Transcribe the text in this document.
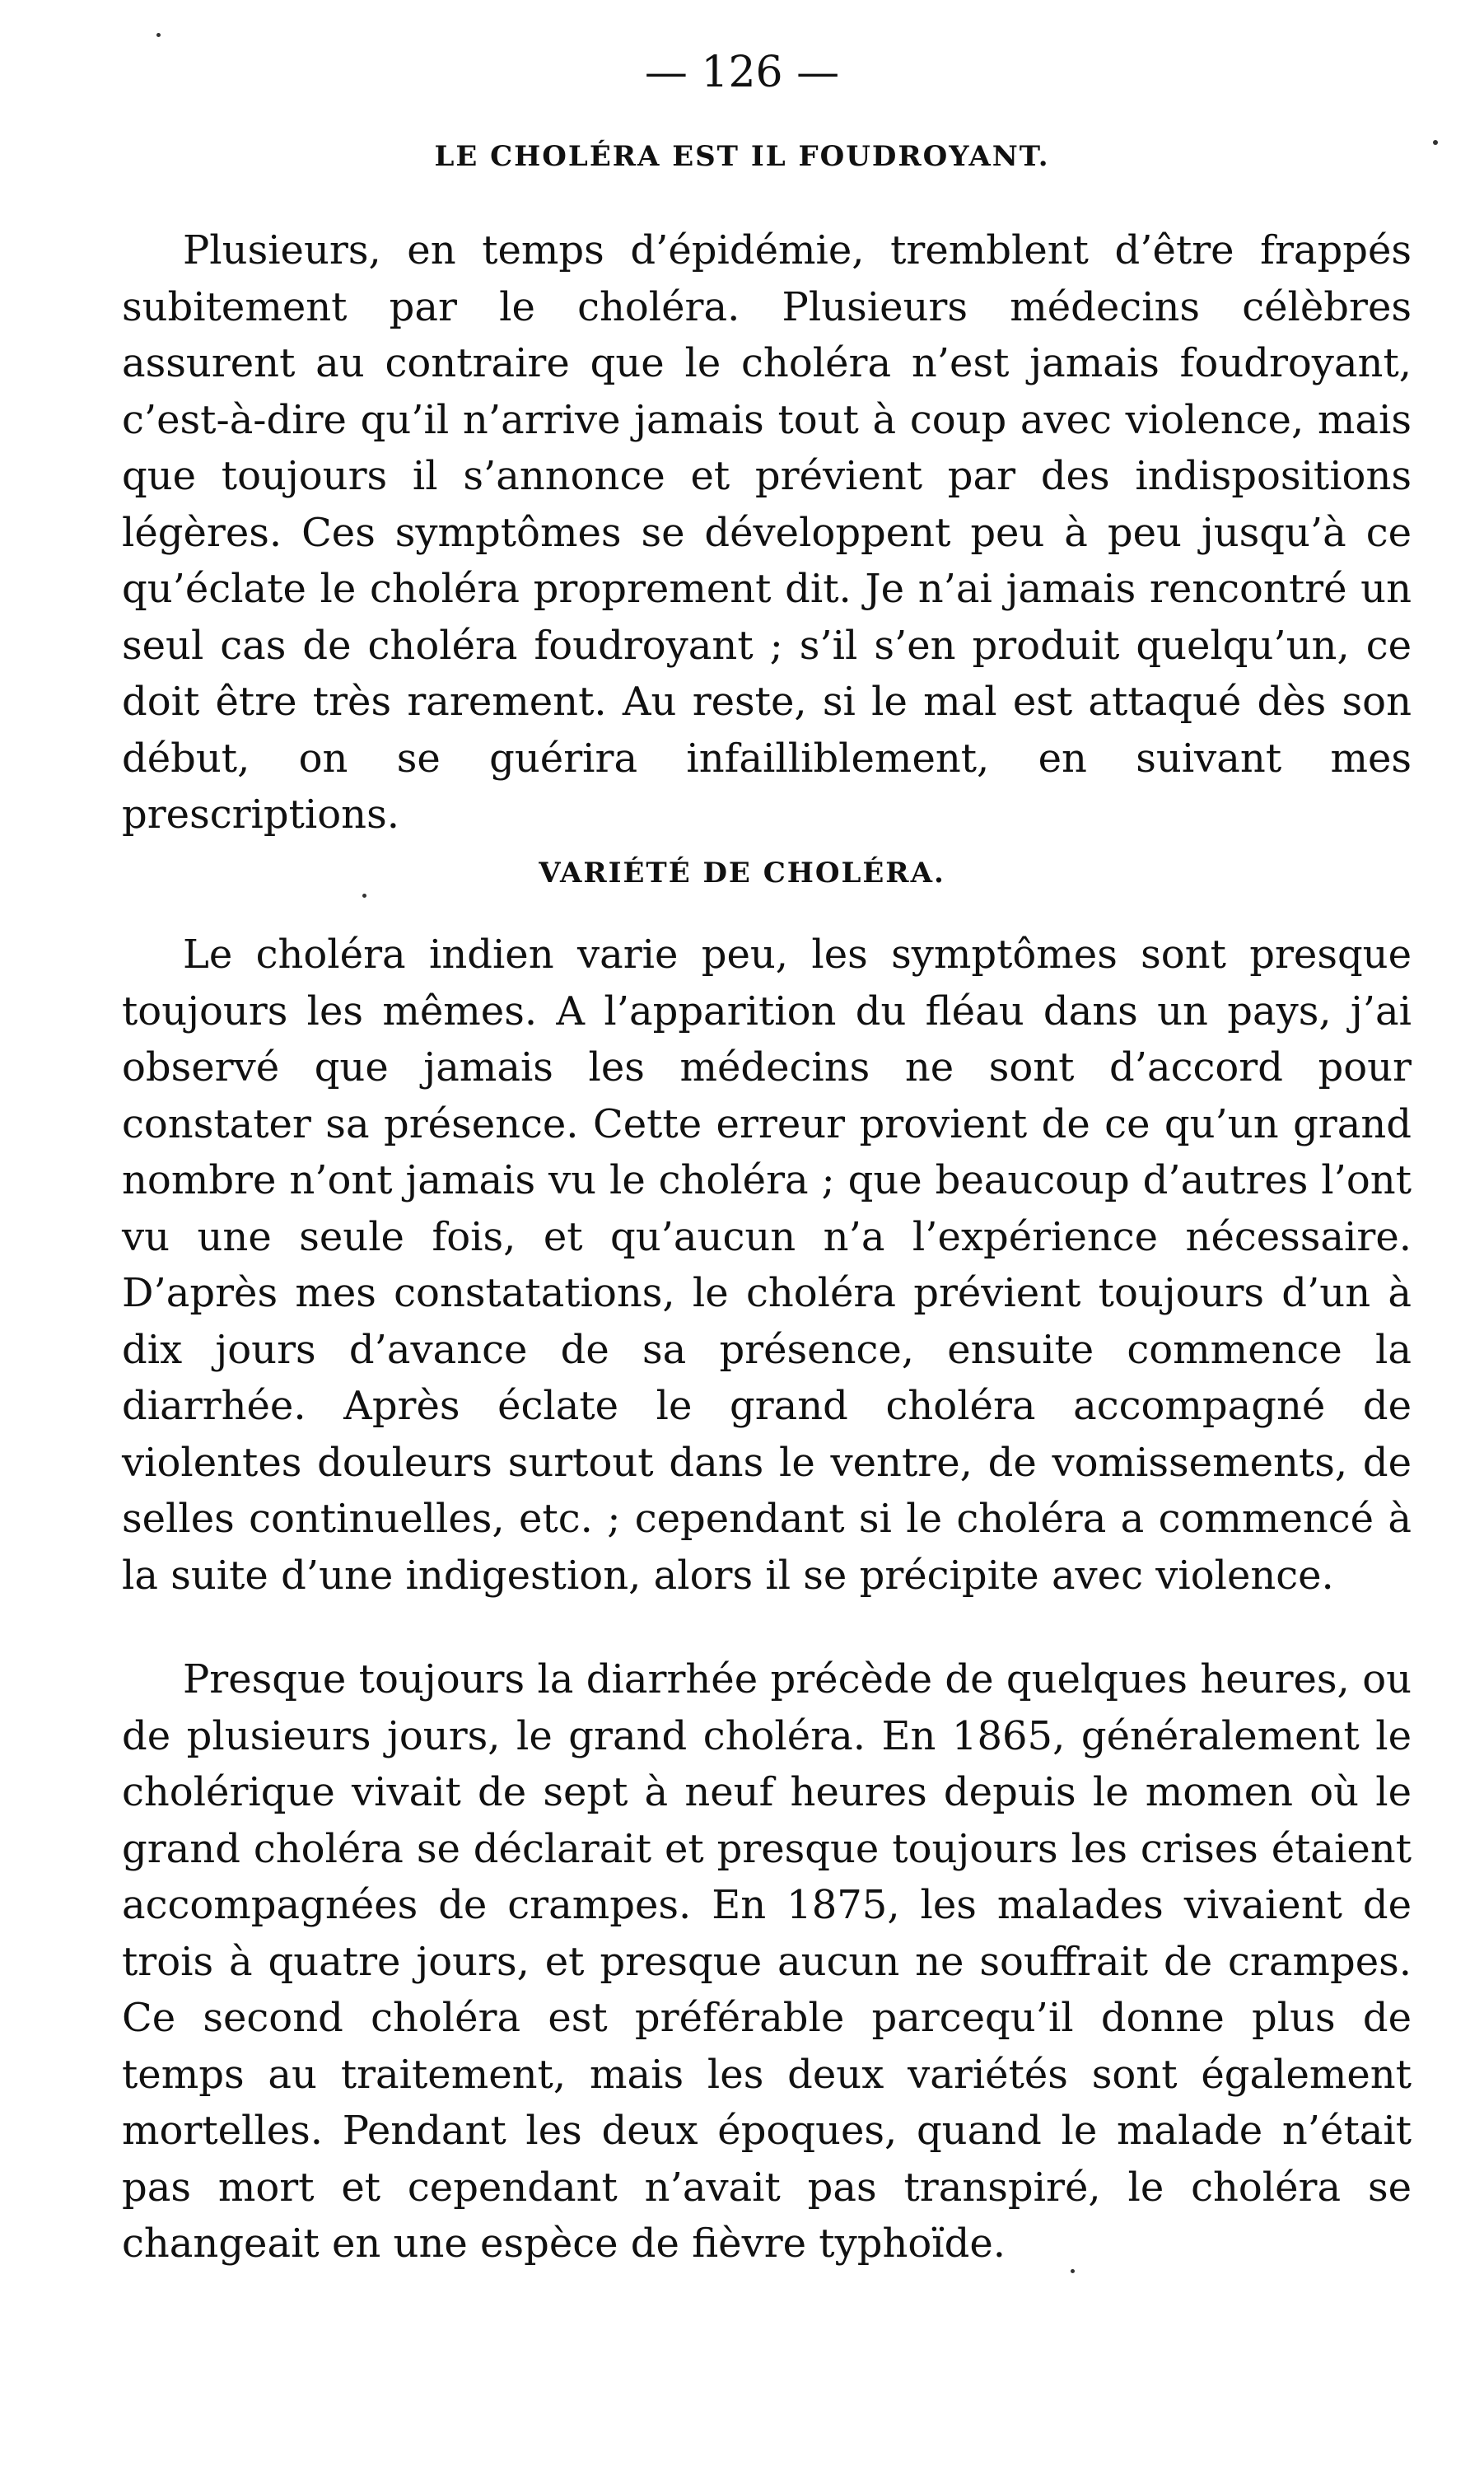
— 126 —
LE CHOLÉRA EST IL FOUDROYANT.

Plusieurs, en temps d’épidémie, tremblent d’être frappés subitement par le choléra. Plusieurs médecins célèbres assurent au contraire que le choléra n’est jamais foudroyant, c’est-à-dire qu’il n’arrive jamais tout à coup avec violence, mais que toujours il s’annonce et prévient par des indispositions légères. Ces symptômes se développent peu à peu jusqu’à ce qu’éclate le choléra proprement dit. Je n’ai jamais rencontré un seul cas de choléra foudroyant ; s’il s’en produit quelqu’un, ce doit être très rarement. Au reste, si le mal est attaqué dès son début, on se guérira infailliblement, en suivant mes prescriptions.

VARIÉTÉ DE CHOLÉRA.

Le choléra indien varie peu, les symptômes sont presque toujours les mêmes. A l’apparition du fléau dans un pays, j’ai observé que jamais les médecins ne sont d’accord pour constater sa présence. Cette erreur provient de ce qu’un grand nombre n’ont jamais vu le choléra ; que beaucoup d’autres l’ont vu une seule fois, et qu’aucun n’a l’expérience nécessaire. D’après mes constatations, le choléra prévient toujours d’un à dix jours d’avance de sa présence, ensuite commence la diarrhée. Après éclate le grand choléra accompagné de violentes douleurs surtout dans le ventre, de vomissements, de selles continuelles, etc. ; cependant si le choléra a commencé à la suite d’une indigestion, alors il se précipite avec violence.

Presque toujours la diarrhée précède de quelques heures, ou de plusieurs jours, le grand choléra. En 1865, généralement le cholérique vivait de sept à neuf heures depuis le momen où le grand choléra se déclarait et presque toujours les crises étaient accompagnées de crampes. En 1875, les malades vivaient de trois à quatre jours, et presque aucun ne souffrait de crampes. Ce second choléra est préférable parcequ’il donne plus de temps au traitement, mais les deux variétés sont également mortelles. Pendant les deux époques, quand le malade n’était pas mort et cependant n’avait pas transpiré, le choléra se changeait en une espèce de fièvre typhoïde.
